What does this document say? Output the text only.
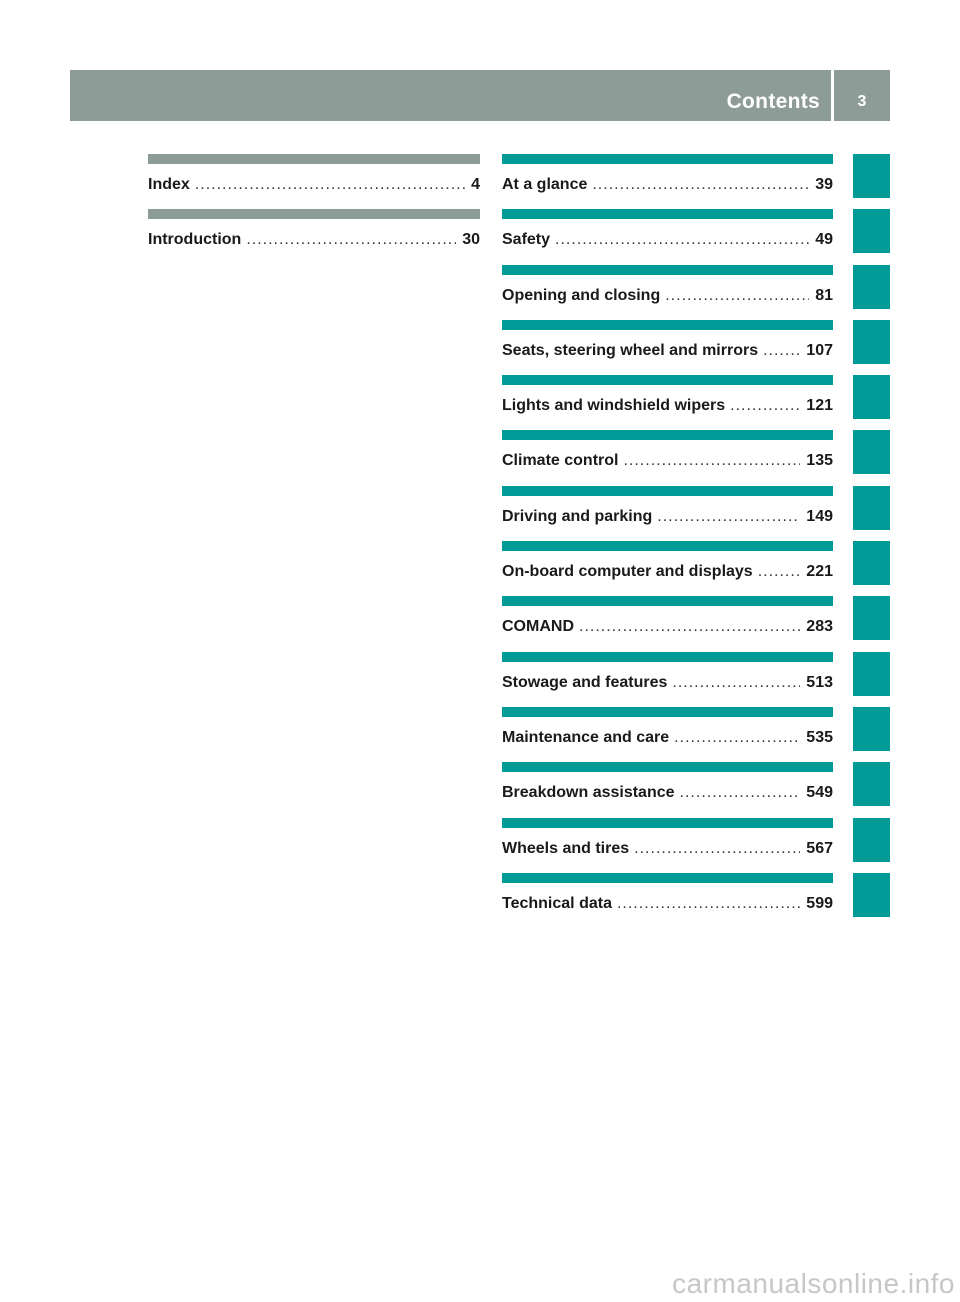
Contents	3
Index .....	4
Introduction .....	30
At a glance .....	39
Safety .....	49
Opening and closing .....	81
Seats, steering wheel and mirrors .....	107
Lights and windshield wipers .....	121
Climate control .....	135
Driving and parking .....	149
On-board computer and displays .....	221
COMAND .....	283
Stowage and features .....	513
Maintenance and care .....	535
Breakdown assistance .....	549
Wheels and tires .....	567
Technical data .....	599
carmanualsonline.info
